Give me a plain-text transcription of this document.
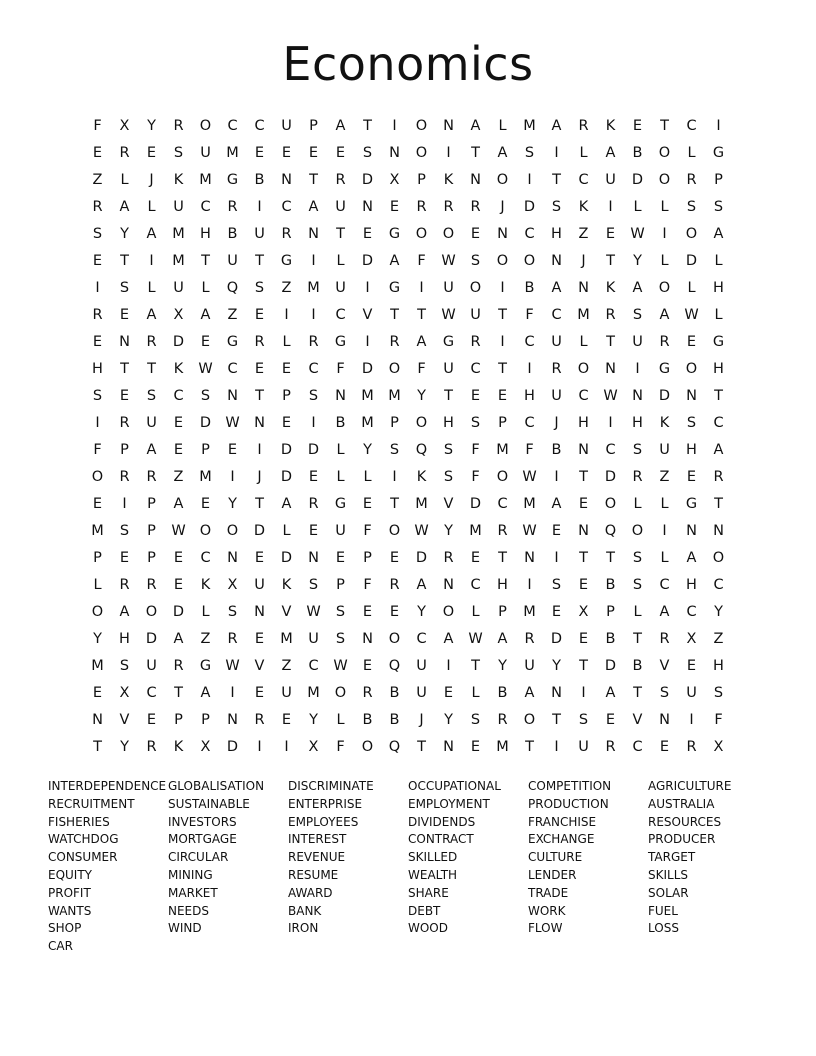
Economics
F	X	Y	R	O	C	C	U	P	A	T	I	O	N	A	L	M	A	R	K	E	T	C	I
E	R	E	S	U	M	E	E	E	E	S	N	O	I	T	A	S	I	L	A	B	O	L	G
Z	L	J	K	M	G	B	N	T	R	D	X	P	K	N	O	I	T	C	U	D	O	R	P
R	A	L	U	C	R	I	C	A	U	N	E	R	R	R	J	D	S	K	I	L	L	S	S
S	Y	A	M	H	B	U	R	N	T	E	G	O	O	E	N	C	H	Z	E	W	I	O	A
E	T	I	M	T	U	T	G	I	L	D	A	F	W	S	O	O	N	J	T	Y	L	D	L
I	S	L	U	L	Q	S	Z	M	U	I	G	I	U	O	I	B	A	N	K	A	O	L	H
R	E	A	X	A	Z	E	I	I	C	V	T	T	W	U	T	F	C	M	R	S	A	W	L
E	N	R	D	E	G	R	L	R	G	I	R	A	G	R	I	C	U	L	T	U	R	E	G
H	T	T	K	W	C	E	E	C	F	D	O	F	U	C	T	I	R	O	N	I	G	O	H
S	E	S	C	S	N	T	P	S	N	M M	Y	T	E	E	H	U	C	W N	D	N	T
I	R	U	E	D W N	E	I	B	M	P	O	H	S	P	C	J	H	I	H	K	S	C
F	P	A	E	P	E	I	D	D	L	Y	S	Q	S	F	M	F	B	N	C	S	U	H	A
O	R	R	Z	M	I	J	D	E	L	L	I	K	S	F	O W	I	T	D	R	Z	E	R
E	I	P	A	E	Y	T	A	R	G	E	T	M	V	D	C	M	A	E	O	L	L	G	T
M	S	P	W O	O	D	L	E	U	F	O W	Y	M	R	W	E	N	Q	O	I	N	N
P	E	P	E	C	N	E	D	N	E	P	E	D	R	E	T	N	I	T	T	S	L	A	O
L	R	R	E	K	X	U	K	S	P	F	R	A	N	C	H	I	S	E	B	S	C	H	C
O	A	O	D	L	S	N	V	W	S	E	E	Y	O	L	P	M	E	X	P	L	A	C	Y
Y	H	D	A	Z	R	E	M	U	S	N	O	C	A	W	A	R	D	E	B	T	R	X	Z
M	S	U	R	G W	V	Z	C	W	E	Q	U	I	T	Y	U	Y	T	D	B	V	E	H
E	X	C	T	A	I	E	U	M	O	R	B	U	E	L	B	A	N	I	A	T	S	U	S
N	V	E	P	P	N	R	E	Y	L	B	B	J	Y	S	R	O	T	S	E	V	N	I	F
T	Y	R	K	X	D	I	I	X	F	O	Q	T	N	E	M	T	I	U	R	C	E	R	X
INTERDEPENDENCE
RECRUITMENT
FISHERIES
WATCHDOG
CONSUMER
EQUITY
PROFIT
WANTS
SHOP
CAR
GLOBALISATION
SUSTAINABLE
INVESTORS
MORTGAGE
CIRCULAR
MINING
MARKET
NEEDS
WIND
DISCRIMINATE
ENTERPRISE
EMPLOYEES
INTEREST
REVENUE
RESUME
AWARD
BANK
IRON
OCCUPATIONAL
EMPLOYMENT
DIVIDENDS
CONTRACT
SKILLED
WEALTH
SHARE
DEBT
WOOD
COMPETITION
PRODUCTION
FRANCHISE
EXCHANGE
CULTURE
LENDER
TRADE
WORK
FLOW
AGRICULTURE
AUSTRALIA
RESOURCES
PRODUCER
TARGET
SKILLS
SOLAR
FUEL
LOSS
